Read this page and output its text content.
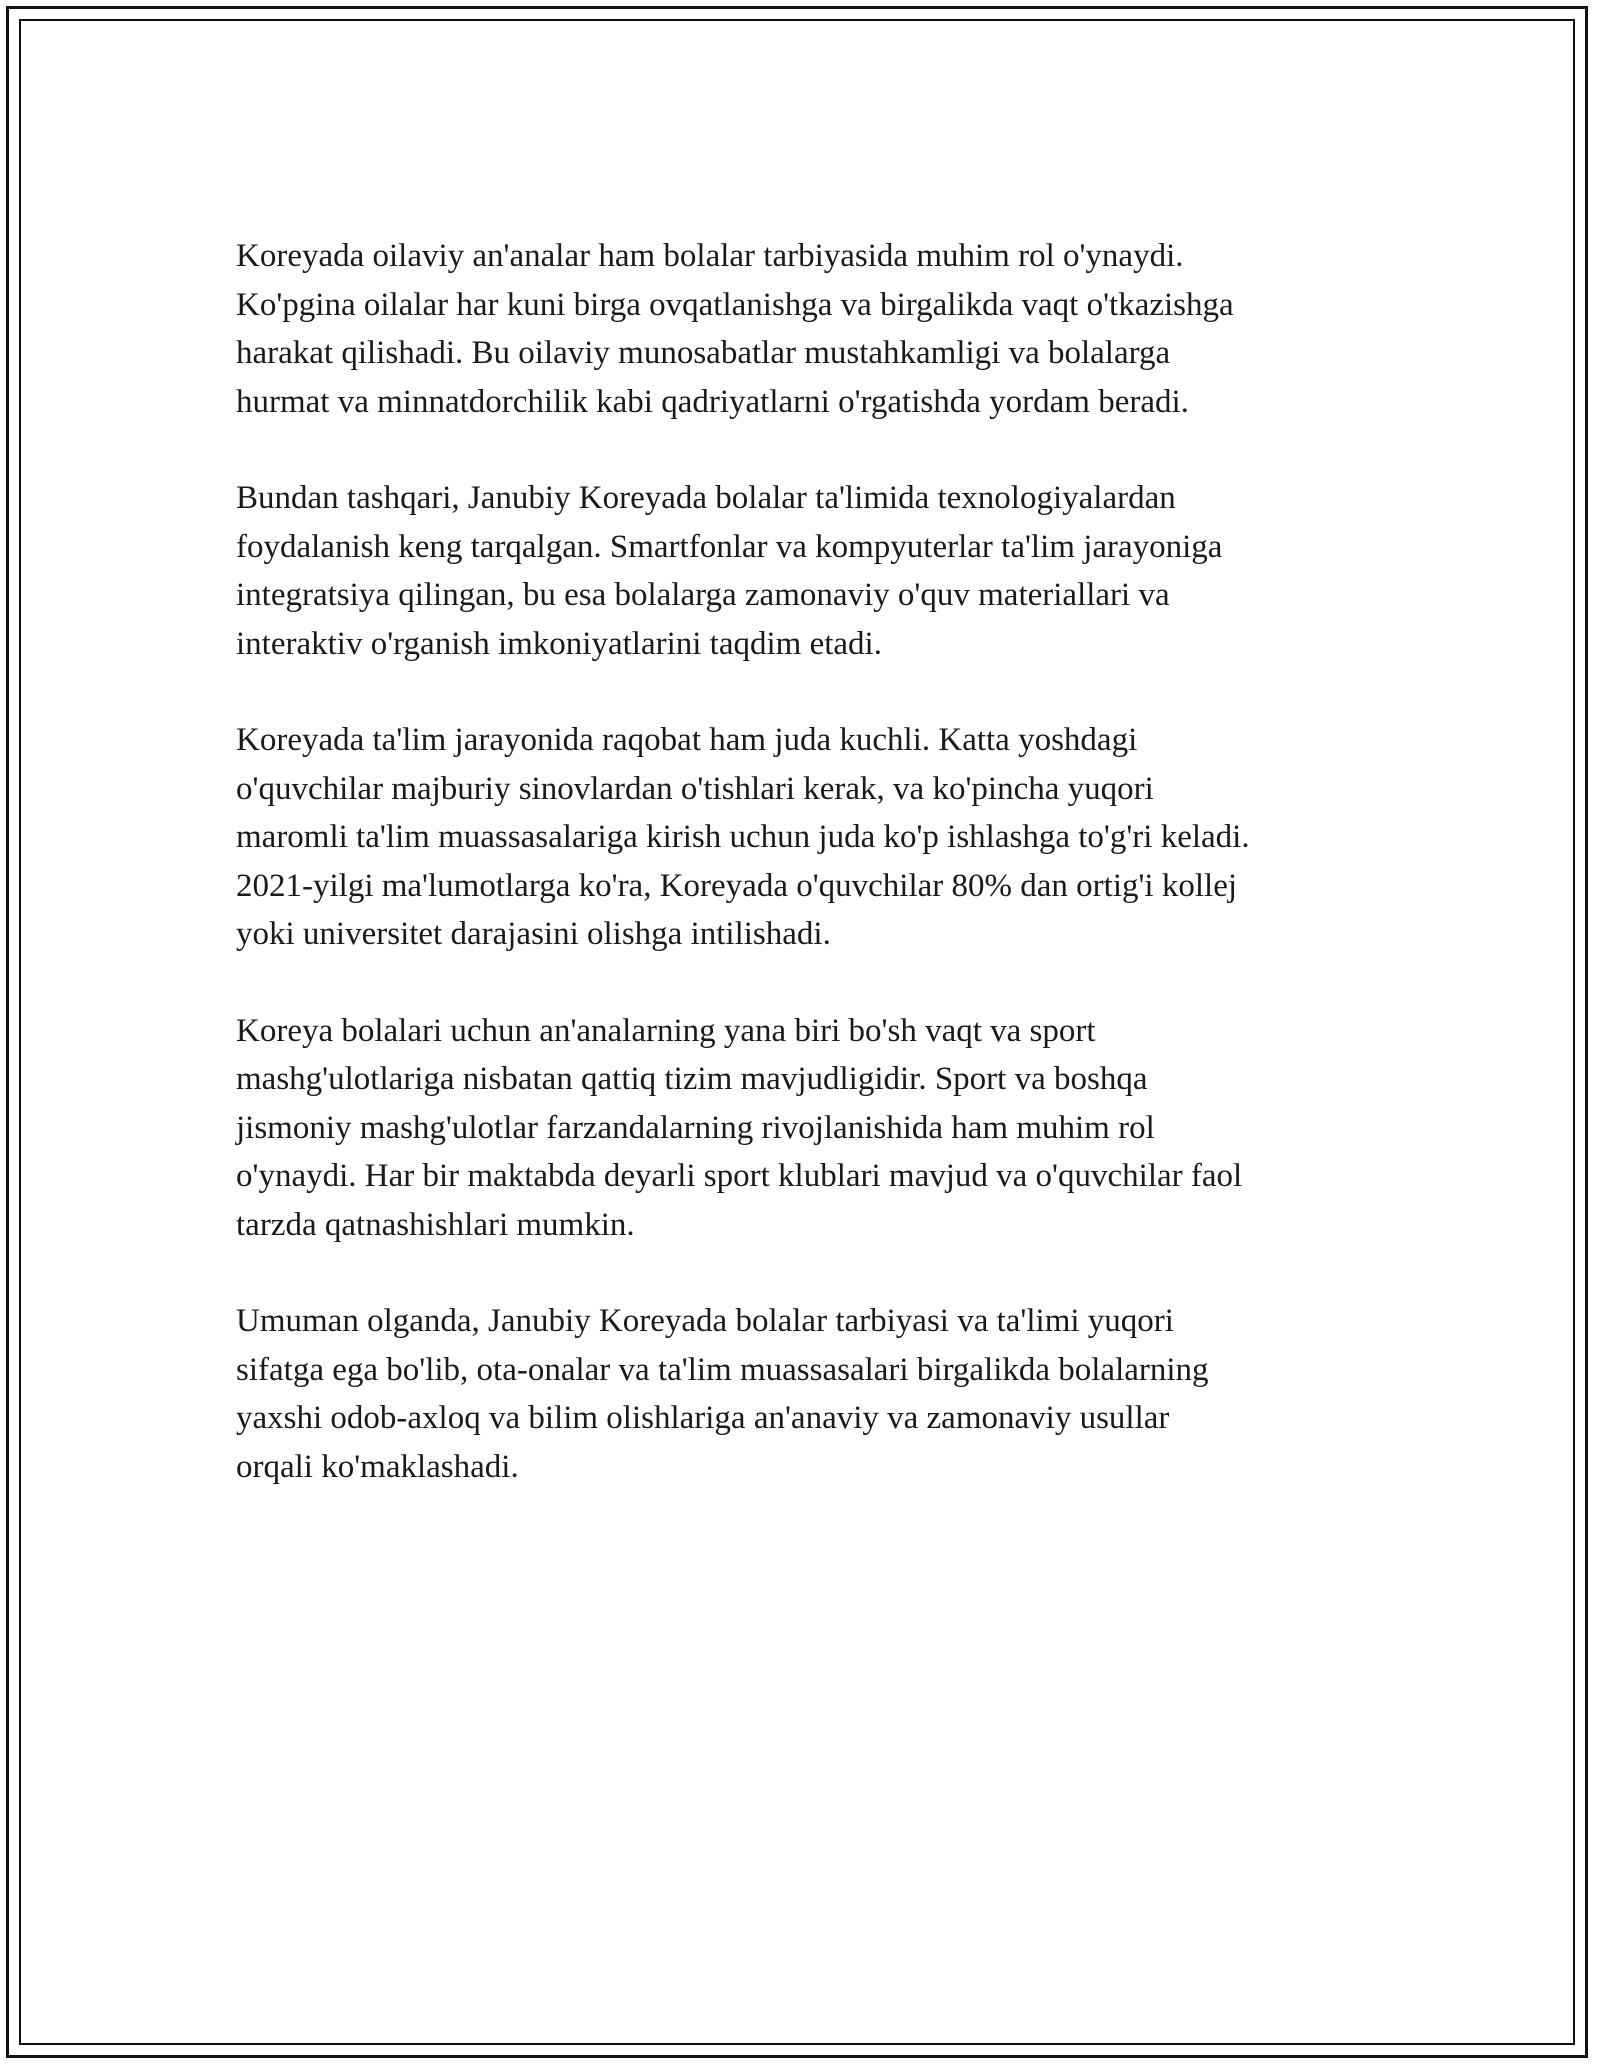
Koreyada oilaviy an'analar ham bolalar tarbiyasida muhim rol o'ynaydi.
Ko'pgina oilalar har kuni birga ovqatlanishga va birgalikda vaqt o'tkazishga
harakat qilishadi. Bu oilaviy munosabatlar mustahkamligi va bolalarga
hurmat va minnatdorchilik kabi qadriyatlarni o'rgatishda yordam beradi.

Bundan tashqari, Janubiy Koreyada bolalar ta'limida texnologiyalardan
foydalanish keng tarqalgan. Smartfonlar va kompyuterlar ta'lim jarayoniga
integratsiya qilingan, bu esa bolalarga zamonaviy o'quv materiallari va
interaktiv o'rganish imkoniyatlarini taqdim etadi.

Koreyada ta'lim jarayonida raqobat ham juda kuchli. Katta yoshdagi
o'quvchilar majburiy sinovlardan o'tishlari kerak, va ko'pincha yuqori
maromli ta'lim muassasalariga kirish uchun juda ko'p ishlashga to'g'ri keladi.
2021-yilgi ma'lumotlarga ko'ra, Koreyada o'quvchilar 80% dan ortig'i kollej
yoki universitet darajasini olishga intilishadi.

Koreya bolalari uchun an'analarning yana biri bo'sh vaqt va sport
mashg'ulotlariga nisbatan qattiq tizim mavjudligidir. Sport va boshqa
jismoniy mashg'ulotlar farzandalarning rivojlanishida ham muhim rol
o'ynaydi. Har bir maktabda deyarli sport klublari mavjud va o'quvchilar faol
tarzda qatnashishlari mumkin.

Umuman olganda, Janubiy Koreyada bolalar tarbiyasi va ta'limi yuqori
sifatga ega bo'lib, ota-onalar va ta'lim muassasalari birgalikda bolalarning
yaxshi odob-axloq va bilim olishlariga an'anaviy va zamonaviy usullar
orqali ko'maklashadi.
